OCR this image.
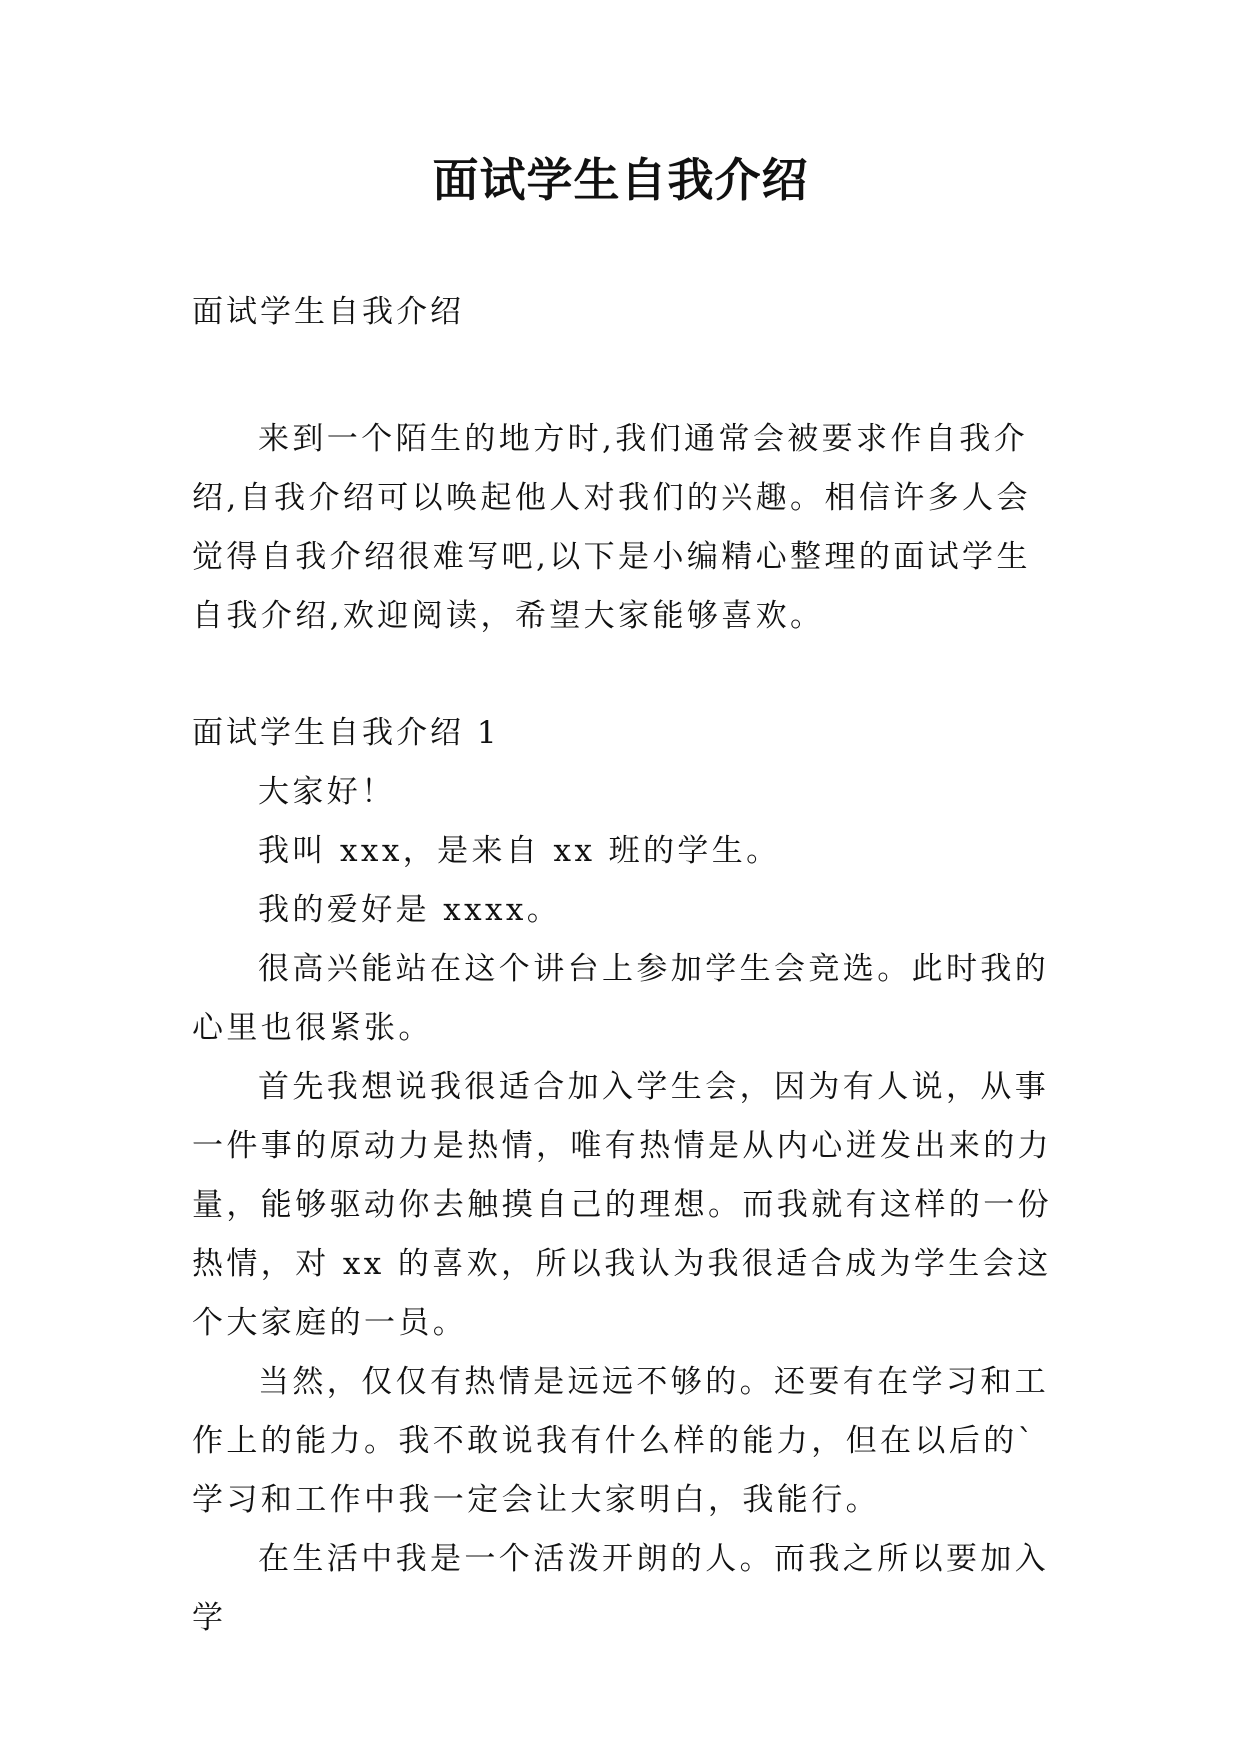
面试学生自我介绍
面试学生自我介绍

来到一个陌生的地方时,我们通常会被要求作自我介绍,自我介绍可以唤起他人对我们的兴趣。相信许多人会觉得自我介绍很难写吧,以下是小编精心整理的面试学生自我介绍,欢迎阅读，希望大家能够喜欢。

面试学生自我介绍 1

大家好！

我叫 xxx，是来自 xx 班的学生。

我的爱好是 xxxx。

很高兴能站在这个讲台上参加学生会竞选。此时我的心里也很紧张。

首先我想说我很适合加入学生会，因为有人说，从事一件事的原动力是热情，唯有热情是从内心迸发出来的力量，能够驱动你去触摸自己的理想。而我就有这样的一份热情，对 xx 的喜欢，所以我认为我很适合成为学生会这个大家庭的一员。

当然，仅仅有热情是远远不够的。还要有在学习和工作上的能力。我不敢说我有什么样的能力，但在以后的`学习和工作中我一定会让大家明白，我能行。

在生活中我是一个活泼开朗的人。而我之所以要加入学
